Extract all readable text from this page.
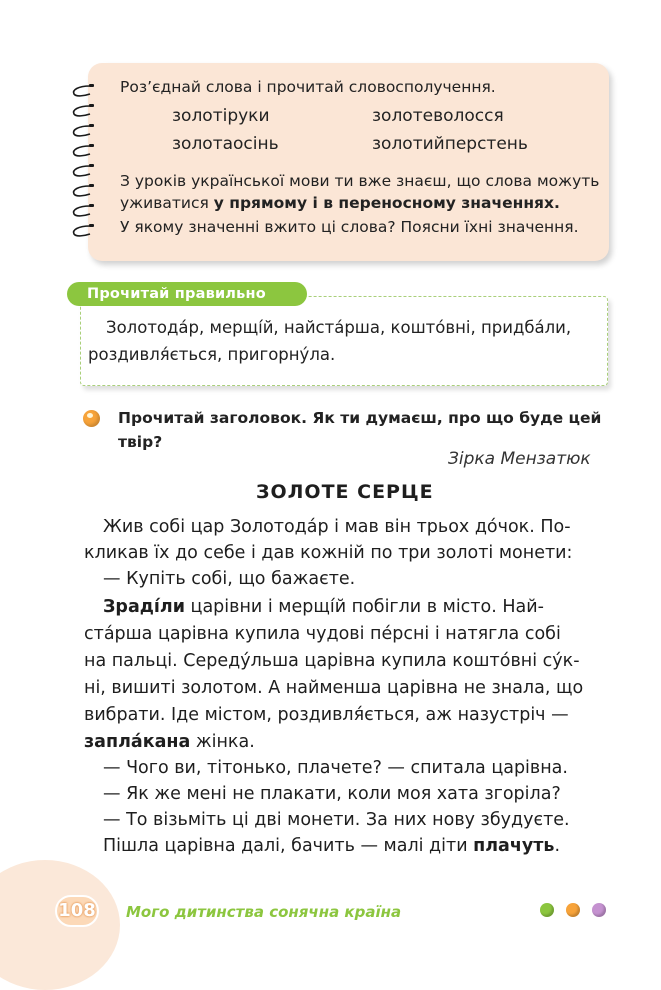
Роз’єднай слова і прочитай словосполучення.
золотіруки	золотеволосся
золотаосінь	золотийперстень
З уроків української мови ти вже знаєш, що слова можуть
уживатися у прямому і в переносному значеннях.
У якому значенні вжито ці слова? Поясни їхні значення.
Прочитай правильно
Золотода́р, мерщі́й, найста́рша, кошто́вні, придба́ли,
роздивля́ється, пригорну́ла.
Прочитай заголовок. Як ти думаєш, про що буде цей
твір?
Зірка Мензатюк
ЗОЛОТЕ СЕРЦЕ
Жив собі цар Золотода́р і мав він трьох до́чок. По-
кликав їх до себе і дав кожній по три золоті монети:
— Купіть собі, що бажаєте.
Зраді́ли царівни і мерщі́й побігли в місто. Най-
ста́рша царівна купила чудові пе́рсні і натягла собі
на пальці. Середу́льша царівна купила кошто́вні су́к-
ні, вишиті золотом. А найменша царівна не знала, що
вибрати. Іде містом, роздивля́ється, аж назустріч —
запла́кана жінка.
— Чого ви, тітонько, плачете? — спитала царівна.
— Як же мені не плакати, коли моя хата згоріла?
— То візьміть ці дві монети. За них нову збудуєте.
Пішла царівна далі, бачить — малі діти плачуть.
108 Мого дитинства сонячна країна
